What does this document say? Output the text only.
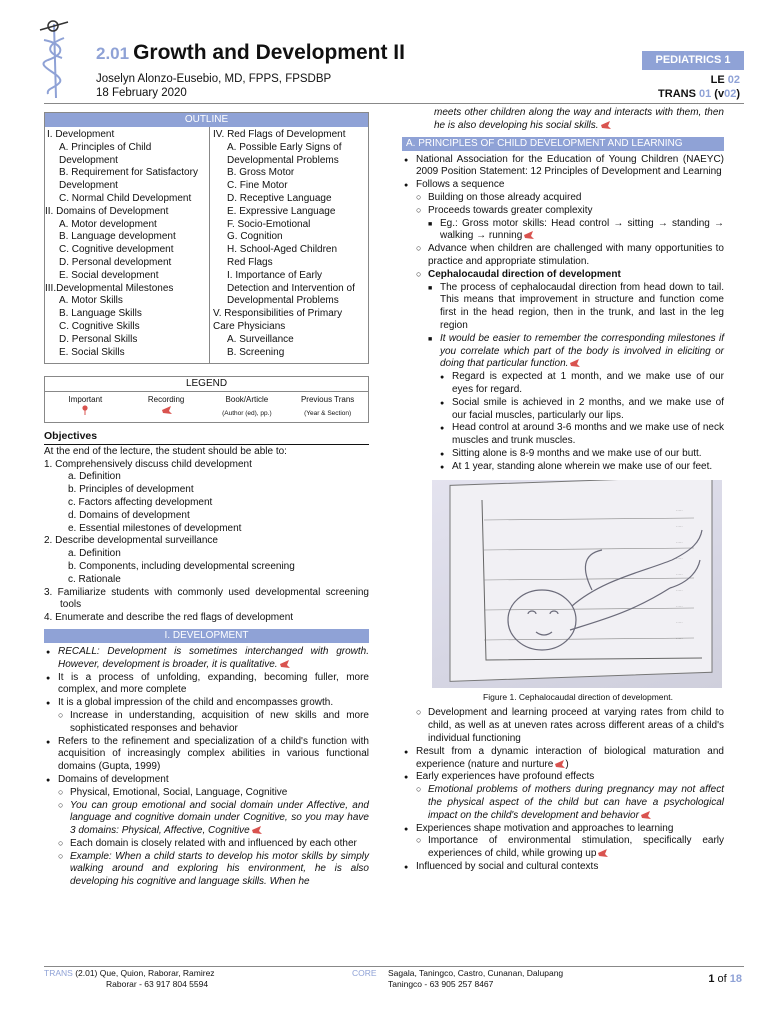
2.01 Growth and Development II
Joselyn Alonzo-Eusebio, MD, FPPS, FPSDBP
18 February 2020
PEDIATRICS 1
LE 02
TRANS 01 (v02)
OUTLINE
I. Development
A. Principles of Child Development
B. Requirement for Satisfactory Development
C. Normal Child Development
II. Domains of Development
A. Motor development
B. Language development
C. Cognitive development
D. Personal development
E. Social development
III.Developmental Milestones
A. Motor Skills
B. Language Skills
C. Cognitive Skills
D. Personal Skills
E. Social Skills
IV. Red Flags of Development
A. Possible Early Signs of Developmental Problems
B. Gross Motor
C. Fine Motor
D. Receptive Language
E. Expressive Language
F. Socio-Emotional
G. Cognition
H. School-Aged Children Red Flags
I. Importance of Early Detection and Intervention of Developmental Problems
V. Responsibilities of Primary Care Physicians
A. Surveillance
B. Screening
LEGEND
Important	Recording	Book/Article
(Author (ed), pp.)
Previous Trans
(Year & Section)
Objectives
At the end of the lecture, the student should be able to:
1. Comprehensively discuss child development
a. Definition
b. Principles of development
c. Factors affecting development
d. Domains of development
e. Essential milestones of development
2. Describe developmental surveillance
a. Definition
b. Components, including developmental screening
c. Rationale
3. Familiarize students with commonly used developmental screening tools
4. Enumerate and describe the red flags of development
I. DEVELOPMENT
● RECALL: Development is sometimes interchanged with growth. However, development is broader, it is qualitative.
● It is a process of unfolding, expanding, becoming fuller, more complex, and more complete
● It is a global impression of the child and encompasses growth.
○ Increase in understanding, acquisition of new skills and more sophisticated responses and behavior
● Refers to the refinement and specialization of a child's function with acquisition of increasingly complex abilities in various functional domains (Gupta, 1999)
● Domains of development
○ Physical, Emotional, Social, Language, Cognitive
○ You can group emotional and social domain under Affective, and language and cognitive domain under Cognitive, so you may have 3 domains: Physical, Affective, Cognitive
○ Each domain is closely related with and influenced by each other
○ Example: When a child starts to develop his motor skills by simply walking around and exploring his environment, he is also developing his cognitive and language skills. When he
meets other children along the way and interacts with them, then he is also developing his social skills.
A. PRINCIPLES OF CHILD DEVELOPMENT AND LEARNING
● National Association for the Education of Young Children (NAEYC) 2009 Position Statement: 12 Principles of Development and Learning
● Follows a sequence
○ Building on those already acquired
○ Proceeds towards greater complexity
■ Eg.: Gross motor skills: Head control → sitting → standing → walking → running
○ Advance when children are challenged with many opportunities to practice and appropriate stimulation.
○ Cephalocaudal direction of development
■ The process of cephalocaudal direction from head down to tail. This means that improvement in structure and function come first in the head region, then in the trunk, and last in the leg region
■ It would be easier to remember the corresponding milestones if you correlate which part of the body is involved in eliciting or doing that particular function.
● Regard is expected at 1 month, and we make use of our eyes for regard.
● Social smile is achieved in 2 months, and we make use of our facial muscles, particularly our lips.
● Head control at around 3-6 months and we make use of neck muscles and trunk muscles.
● Sitting alone is 8-9 months and we make use of our butt.
● At 1 year, standing alone wherein we make use of our feet.
·····
·····
·····
·····
·····
·····
·····
·····
·····
Figure 1. Cephalocaudal direction of development.
○ Development and learning proceed at varying rates from child to child, as well as at uneven rates across different areas of a child's individual functioning
● Result from a dynamic interaction of biological maturation and experience (nature and nurture )
● Early experiences have profound effects
○ Emotional problems of mothers during pregnancy may not affect the physical aspect of the child but can have a psychological impact on the child's development and behavior
● Experiences shape motivation and approaches to learning
○ Importance of environmental stimulation, specifically early experiences of child, while growing up
● Influenced by social and cultural contexts
TRANS (2.01) Que, Quion, Raborar, Ramirez
Raborar - 63 917 804 5594
CORE Sagala, Taningco, Castro, Cunanan, Dalupang
Taningco - 63 905 257 8467	1 of 18
